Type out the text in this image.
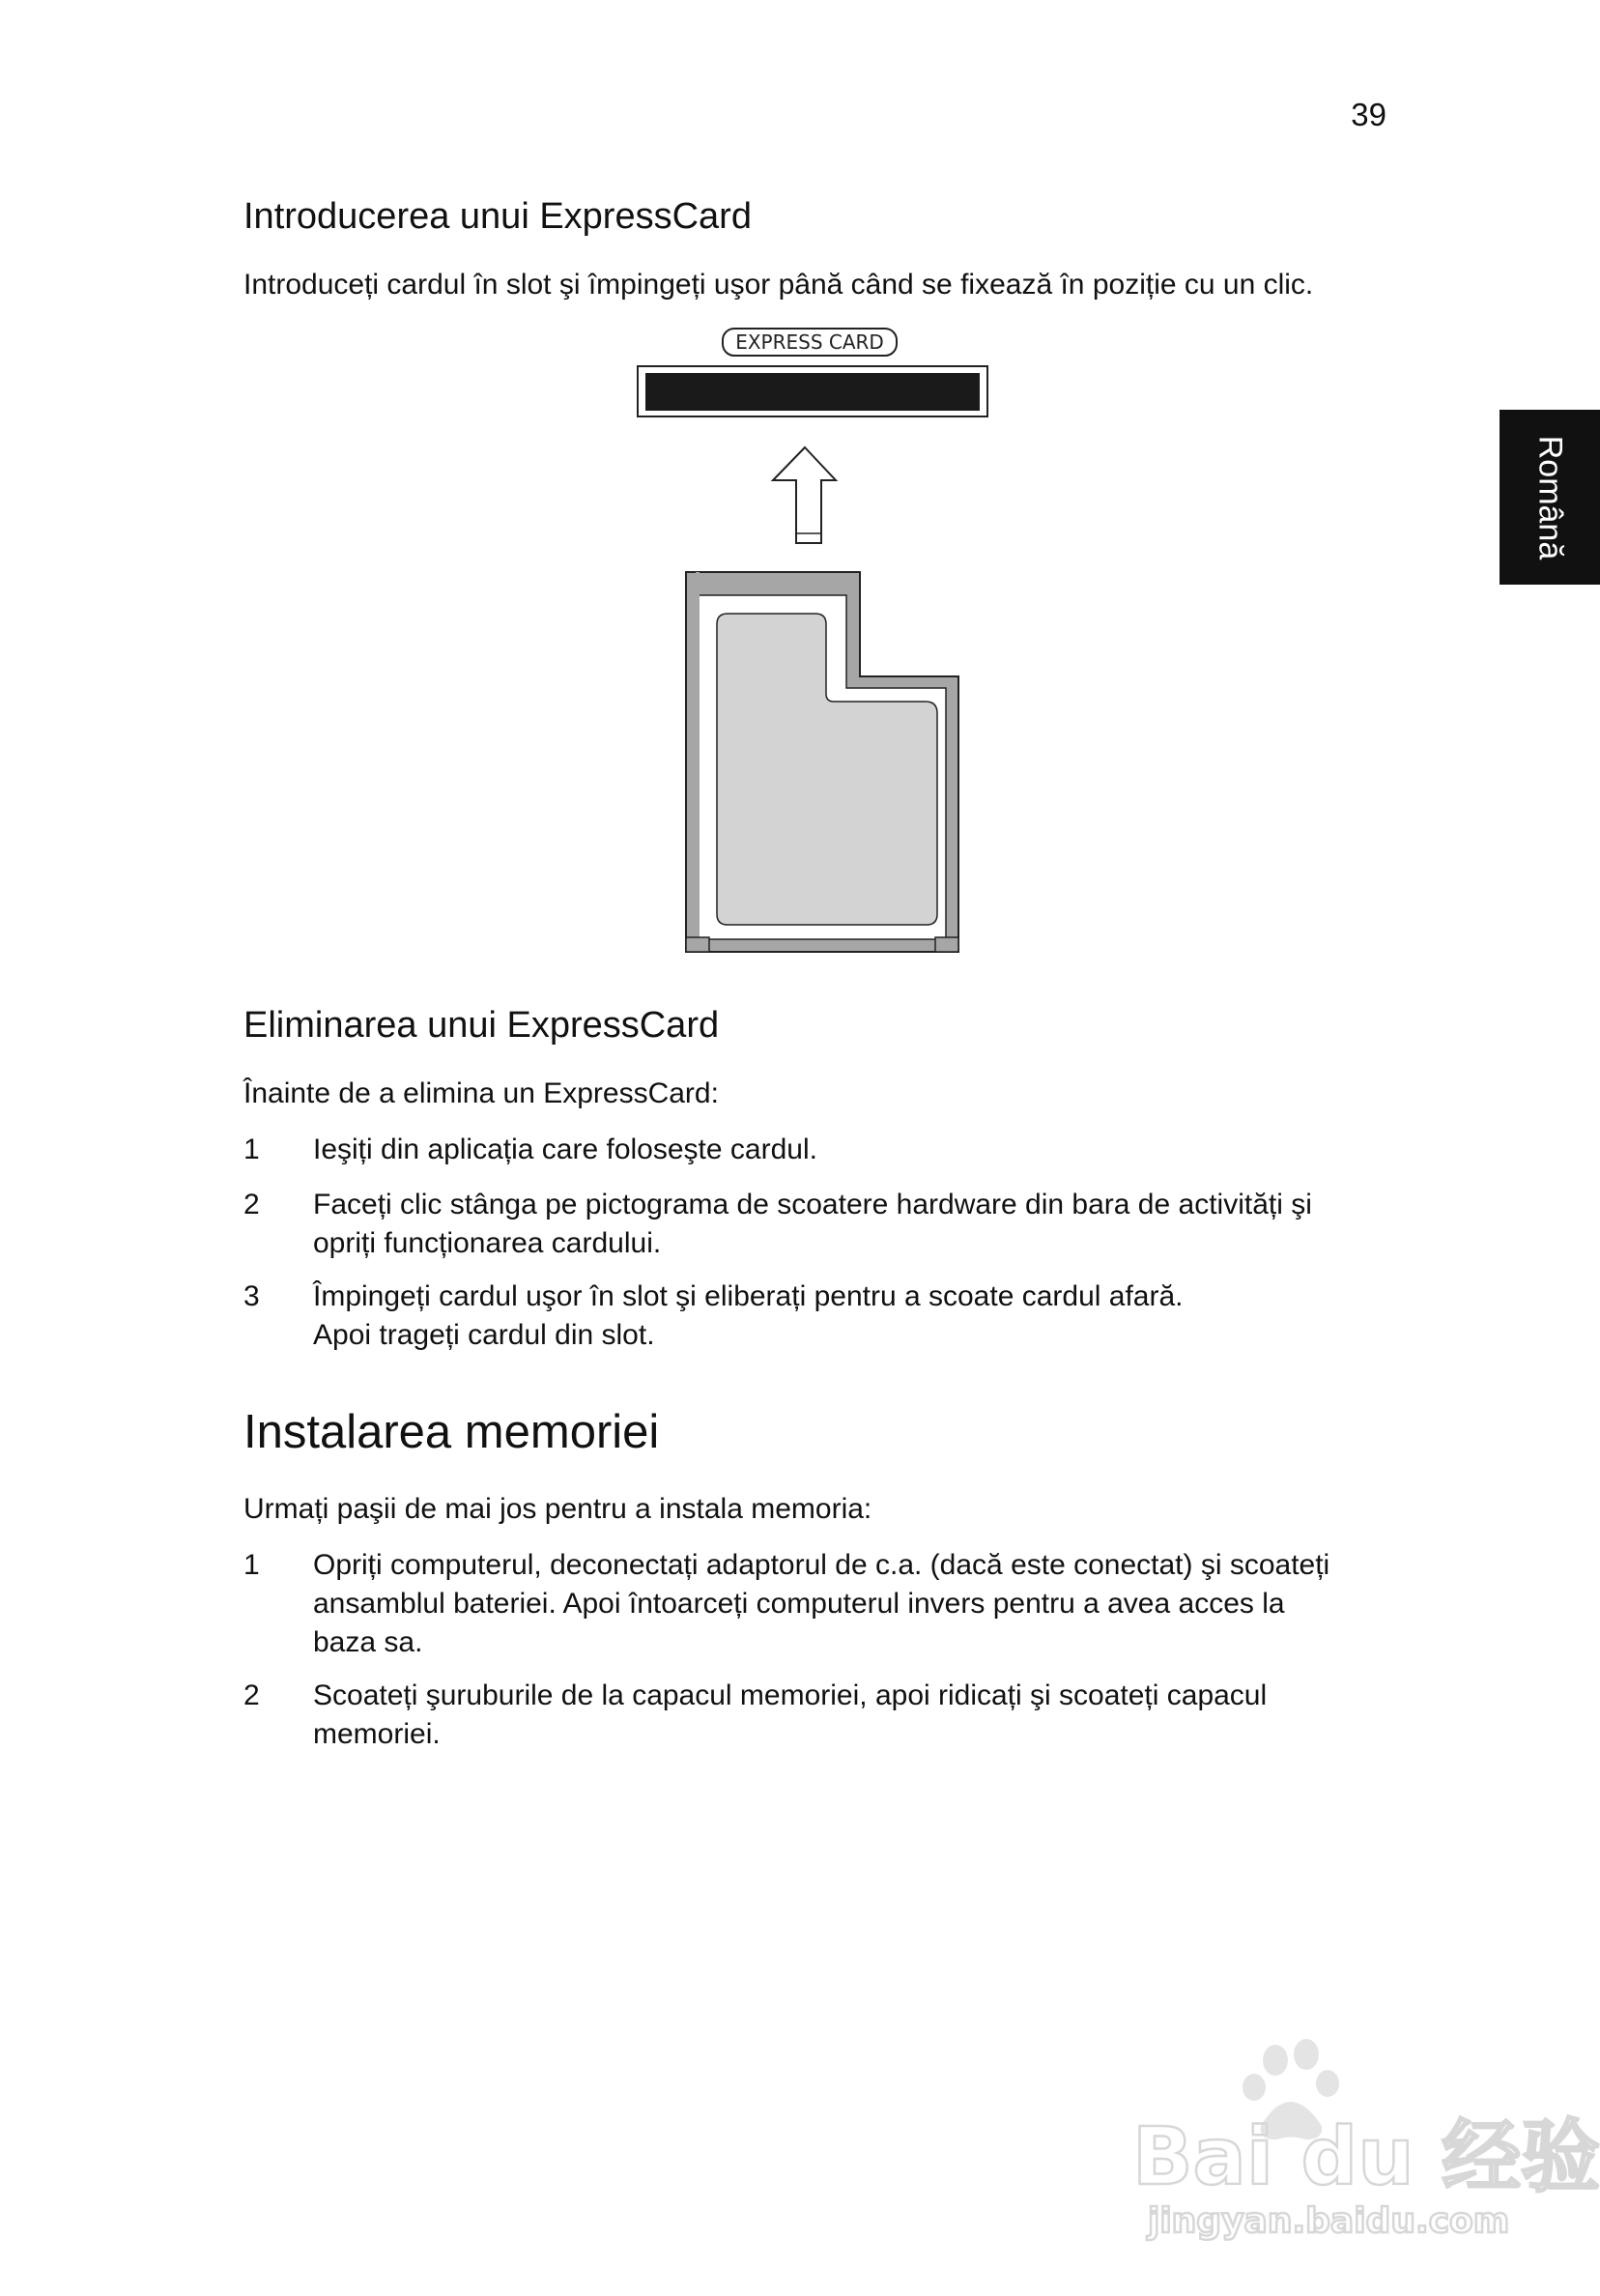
39
Română
Introducerea unui ExpressCard

Introduceți cardul în slot şi împingeți uşor până când se fixează în poziție cu un clic.

Eliminarea unui ExpressCard

Înainte de a elimina un ExpressCard:

1 Ieşiți din aplicația care foloseşte cardul.
2 Faceți clic stânga pe pictograma de scoatere hardware din bara de activități şi
opriți funcționarea cardului.
3 Împingeți cardul uşor în slot şi eliberați pentru a scoate cardul afară.
Apoi trageți cardul din slot.
Instalarea memoriei

Urmați paşii de mai jos pentru a instala memoria:

1 Opriți computerul, deconectați adaptorul de c.a. (dacă este conectat) şi scoateți
ansamblul bateriei. Apoi întoarceți computerul invers pentru a avea acces la
baza sa.
2 Scoateți şuruburile de la capacul memoriei, apoi ridicați şi scoateți capacul
memoriei.
EXPRESS CARD
Bai du 经验
jingyan.baidu.com
